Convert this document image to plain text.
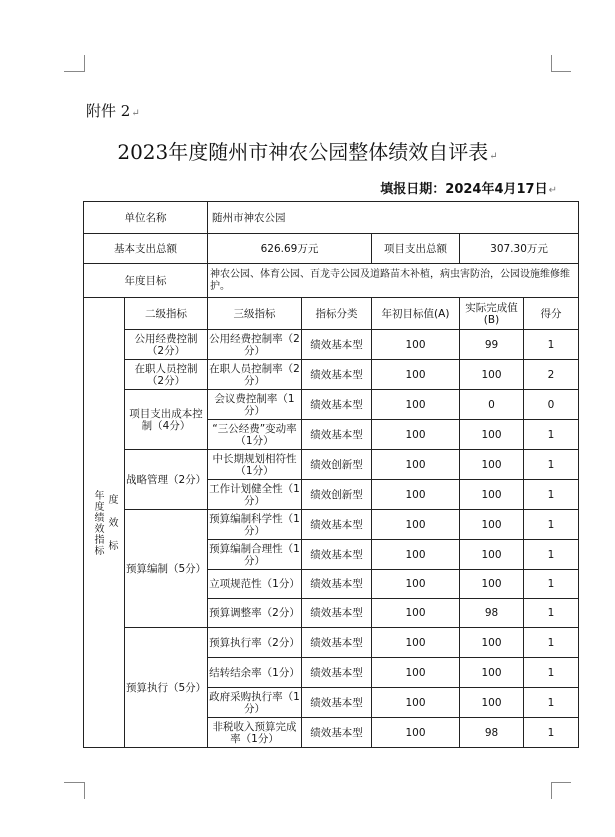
附件 2↵
2023年度随州市神农公园整体绩效自评表↵
填报日期：2024年4月17日↵
单位名称		随州市神农公园				
基本支出总额		626.69万元		项目支出总额	307.30万元	
年度目标		神农公园、体育公园、百龙寺公园及道路苗木补植，病虫害防治，公园设施维修维护。				

年度绩效指标 度 效 标	二级指标	三级指标	指标分类	年初目标值(A)	实际完成值(B)	得分
	公用经费控制（2分）	公用经费控制率（2分）	绩效基本型	100	99	1
	在职人员控制（2分）	在职人员控制率（2分）	绩效基本型	100	100	2
	项目支出成本控制（4分）	会议费控制率（1分）	绩效基本型	100	0	0
		“三公经费”变动率（1分）	绩效基本型	100	100	1
	战略管理（2分）	中长期规划相符性（1分）	绩效创新型	100	100	1
		工作计划健全性（1分）	绩效创新型	100	100	1
	预算编制（5分）	预算编制科学性（1分）	绩效基本型	100	100	1
		预算编制合理性（1分）	绩效基本型	100	100	1
		立项规范性（1分）	绩效基本型	100	100	1
		预算调整率（2分）	绩效基本型	100	98	1
	预算执行（5分）	预算执行率（2分）	绩效基本型	100	100	1
		结转结余率（1分）	绩效基本型	100	100	1
		政府采购执行率（1分）	绩效基本型	100	100	1
		非税收入预算完成率（1分）	绩效基本型	100	98	1
